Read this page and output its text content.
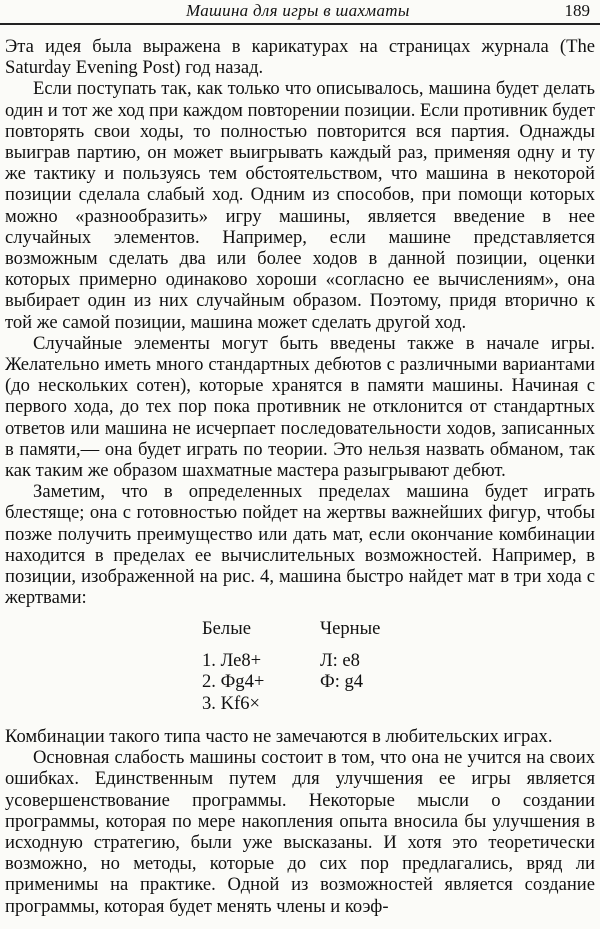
Машина для игры в шахматы	189

Эта идея была выражена в карикатурах на страницах журнала (The Saturday Evening Post) год назад.

Если поступать так, как только что описывалось, машина будет делать один и тот же ход при каждом повторении позиции. Если противник будет повторять свои ходы, то полностью повторится вся партия. Однажды выиграв партию, он может выигрывать каждый раз, применяя одну и ту же тактику и пользуясь тем обстоятельством, что машина в некоторой позиции сделала слабый ход. Одним из способов, при помощи которых можно «разнообразить» игру машины, является введение в нее случайных элементов. Например, если машине представляется возможным сделать два или более ходов в данной позиции, оценки которых примерно одинаково хороши «согласно ее вычислениям», она выбирает один из них случайным образом. Поэтому, придя вторично к той же самой позиции, машина может сделать другой ход.

Случайные элементы могут быть введены также в начале игры. Желательно иметь много стандартных дебютов с различными вариантами (до нескольких сотен), которые хранятся в памяти машины. Начиная с первого хода, до тех пор пока противник не отклонится от стандартных ответов или машина не исчерпает последовательности ходов, записанных в памяти,— она будет играть по теории. Это нельзя назвать обманом, так как таким же образом шахматные мастера разыгрывают дебют.

Заметим, что в определенных пределах машина будет играть блестяще; она с готовностью пойдет на жертвы важнейших фигур, чтобы позже получить преимущество или дать мат, если окончание комбинации находится в пределах ее вычислительных возможностей. Например, в позиции, изображенной на рис. 4, машина быстро найдет мат в три хода с жертвами:

Белые	Черные
1. Ле8+	Л: е8
2. Фg4+	Ф: g4
3. Kf6×

Комбинации такого типа часто не замечаются в любительских играх.

Основная слабость машины состоит в том, что она не учится на своих ошибках. Единственным путем для улучшения ее игры является усовершенствование программы. Некоторые мысли о создании программы, которая по мере накопления опыта вносила бы улучшения в исходную стратегию, были уже высказаны. И хотя это теоретически возможно, но методы, которые до сих пор предлагались, вряд ли применимы на практике. Одной из возможностей является создание программы, которая будет менять члены и коэф-
